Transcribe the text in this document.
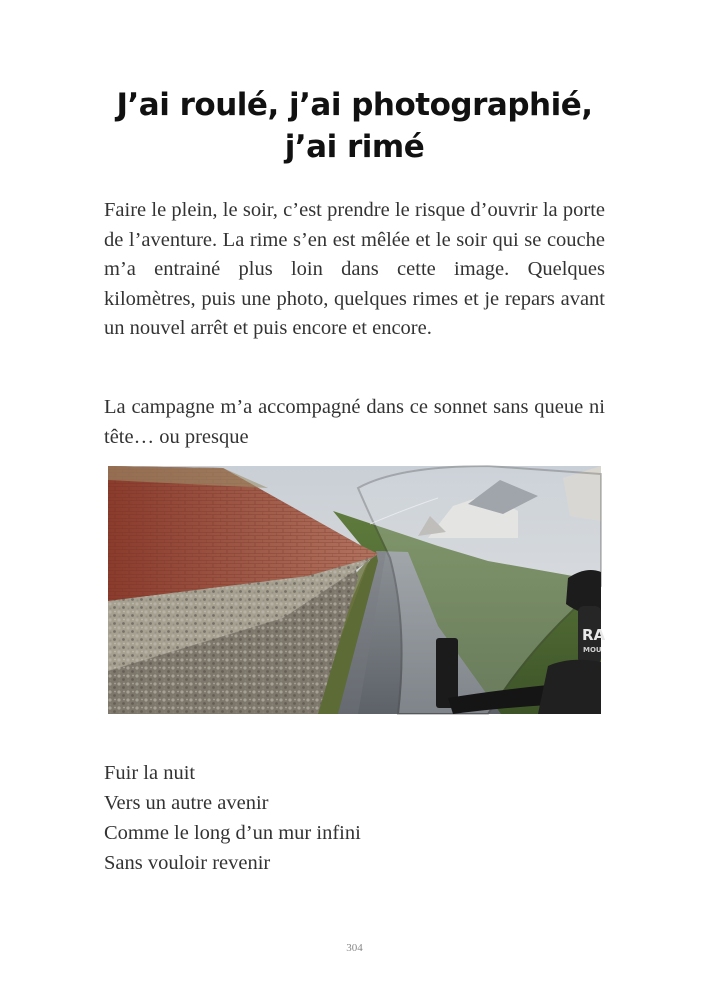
J’ai roulé, j’ai photographié, j’ai rimé

Faire le plein, le soir, c’est prendre le risque d’ouvrir la porte de l’aventure. La rime s’en est mêlée et le soir qui se couche m’a entrainé plus loin dans cette image. Quelques kilomètres, puis une photo, quelques rimes et je repars avant un nouvel arrêt et puis encore et encore.

La campagne m’a accompagné dans ce sonnet sans queue ni tête… ou presque

RA
MOU
Fuir la nuit
Vers un autre avenir
Comme le long d’un mur infini
Sans vouloir revenir
304
